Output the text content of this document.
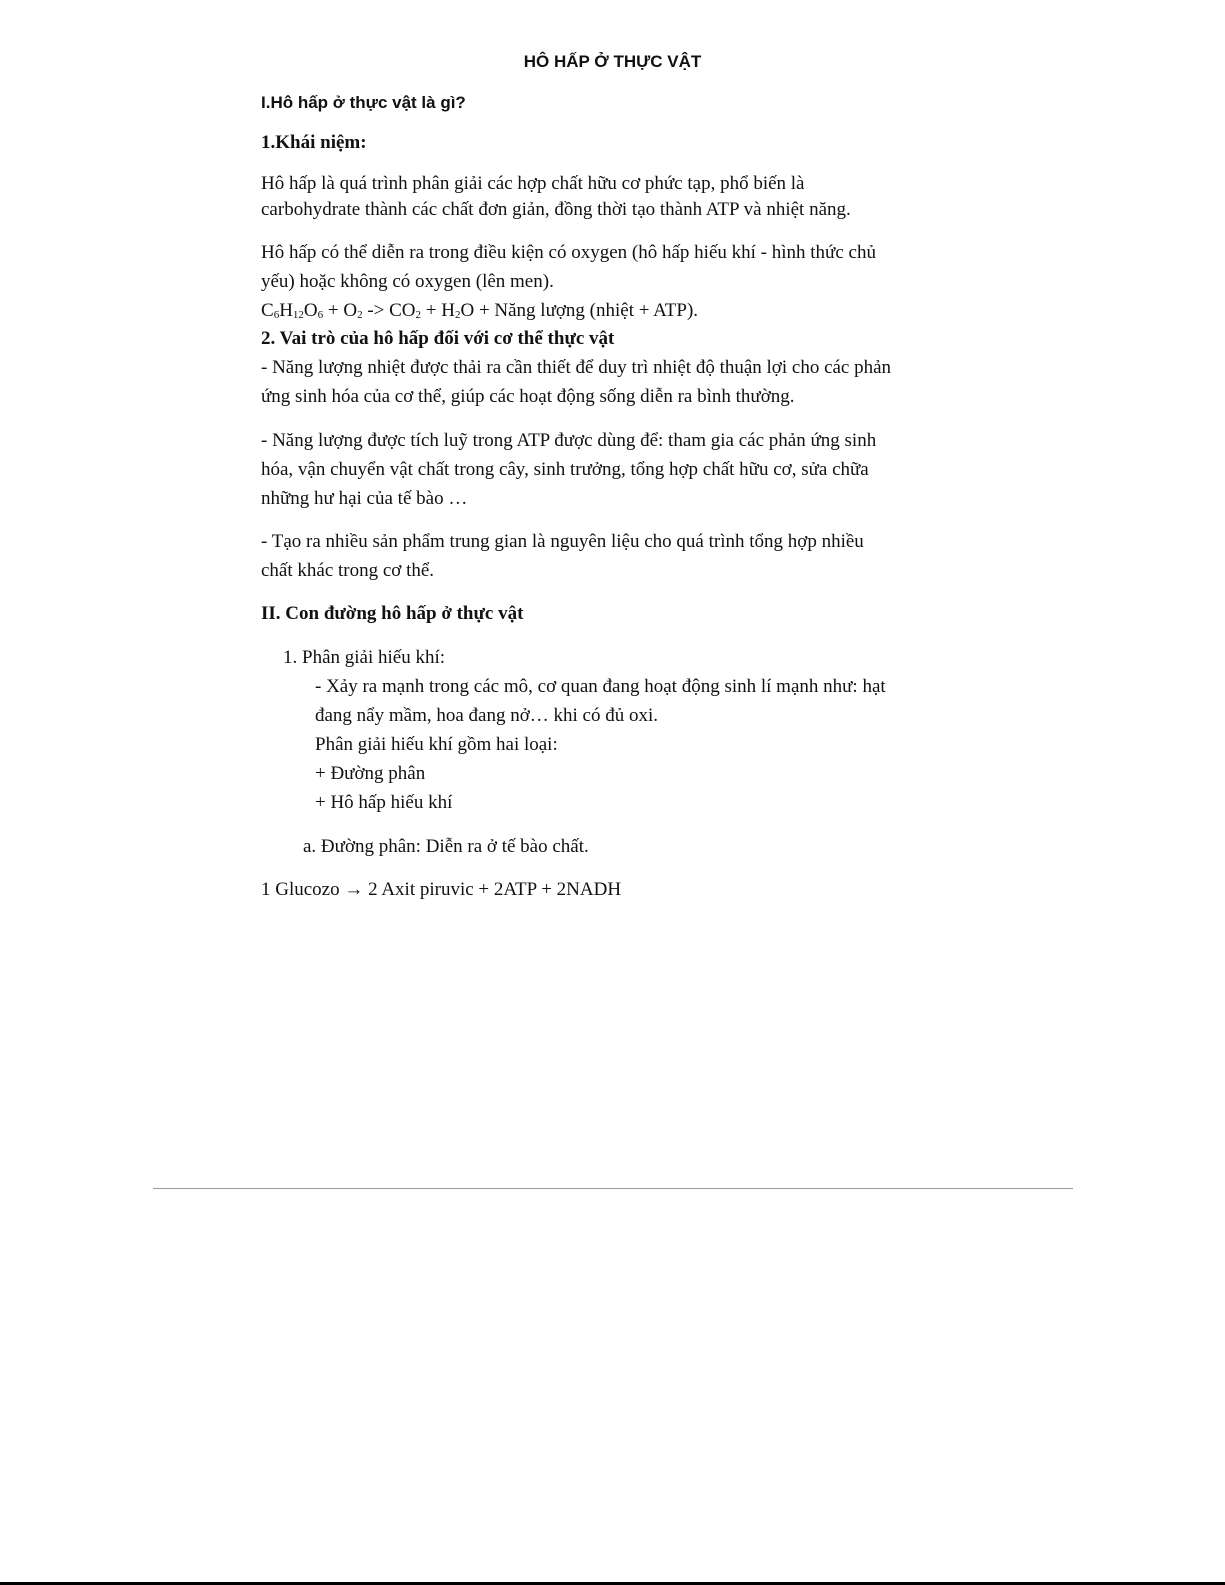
HÔ HẤP Ở THỰC VẬT
I.Hô hấp ở thực vật là gì?
1.Khái niệm:
Hô hấp là quá trình phân giải các hợp chất hữu cơ phức tạp, phổ biến là
carbohydrate thành các chất đơn giản, đồng thời tạo thành ATP và nhiệt năng.
Hô hấp có thể diễn ra trong điều kiện có oxygen (hô hấp hiếu khí - hình thức chủ
yếu) hoặc không có oxygen (lên men).
$C_6H_{12}O_6 + O_2 -> CO_2 + H_2O$ + Năng lượng (nhiệt + ATP).
2. Vai trò của hô hấp đối với cơ thể thực vật
- Năng lượng nhiệt được thải ra cần thiết để duy trì nhiệt độ thuận lợi cho các phản
ứng sinh hóa của cơ thể, giúp các hoạt động sống diễn ra bình thường.
- Năng lượng được tích luỹ trong ATP được dùng để: tham gia các phản ứng sinh
hóa, vận chuyển vật chất trong cây, sinh trưởng, tổng hợp chất hữu cơ, sửa chữa
những hư hại của tế bào …
- Tạo ra nhiều sản phẩm trung gian là nguyên liệu cho quá trình tổng hợp nhiều
chất khác trong cơ thể.
II. Con đường hô hấp ở thực vật
1. Phân giải hiếu khí:
- Xảy ra mạnh trong các mô, cơ quan đang hoạt động sinh lí mạnh như: hạt
đang nẩy mầm, hoa đang nở… khi có đủ oxi.
Phân giải hiếu khí gồm hai loại:
+ Đường phân
+ Hô hấp hiếu khí
a. Đường phân: Diễn ra ở tế bào chất.
1 Glucozo → 2 Axit piruvic + 2ATP + 2NADH
